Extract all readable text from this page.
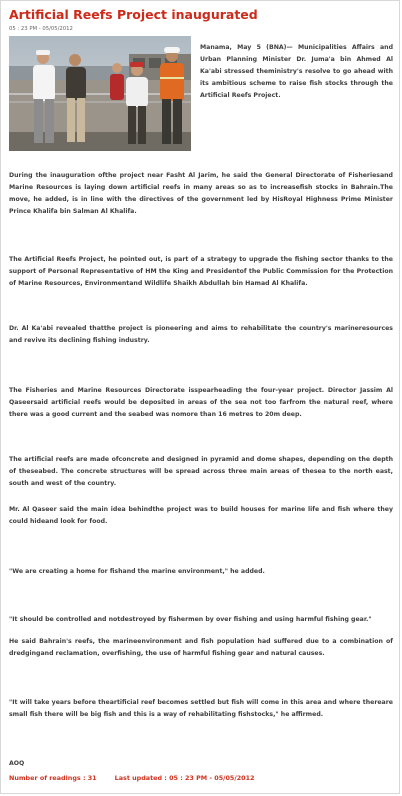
Artificial Reefs Project inaugurated
05 : 23 PM - 05/05/2012

Manama, May 5 (BNA)— Municipalities Affairs and Urban Planning Minister Dr. Juma'a bin Ahmed Al Ka'abi stressed theministry's resolve to go ahead with its ambitious scheme to raise fish stocks through the Artificial Reefs Project.

During the inauguration ofthe project near Fasht Al Jarim, he said the General Directorate of Fisheriesand Marine Resources is laying down artificial reefs in many areas so as to increasefish stocks in Bahrain.The move, he added, is in line with the directives of the government led by HisRoyal Highness Prime Minister Prince Khalifa bin Salman Al Khalifa.

The Artificial Reefs Project, he pointed out, is part of a strategy to upgrade the fishing sector thanks to the support of Personal Representative of HM the King and Presidentof the Public Commission for the Protection of Marine Resources, Environmentand Wildlife Shaikh Abdullah bin Hamad Al Khalifa.

Dr. Al Ka'abi revealed thatthe project is pioneering and aims to rehabilitate the country's marineresources and revive its declining fishing industry.

The Fisheries and Marine Resources Directorate isspearheading the four-year project. Director Jassim Al Qaseersaid artificial reefs would be deposited in areas of the sea not too farfrom the natural reef, where there was a good current and the seabed was nomore than 16 metres to 20m deep.

The artificial reefs are made ofconcrete and designed in pyramid and dome shapes, depending on the depth of theseabed. The concrete structures will be spread across three main areas of thesea to the north east, south and west of the country.

Mr. Al Qaseer said the main idea behindthe project was to build houses for marine life and fish where they could hideand look for food.

"We are creating a home for fishand the marine environment," he added.

"It should be controlled and notdestroyed by fishermen by over fishing and using harmful fishing gear."

He said Bahrain's reefs, the marineenvironment and fish population had suffered due to a combination of dredgingand reclamation, overfishing, the use of harmful fishing gear and natural causes.

"It will take years before theartificial reef becomes settled but fish will come in this area and where thereare small fish there will be big fish and this is a way of rehabilitating fishstocks," he affirmed.

AOQ

Number of readings : 31	Last updated : 05 : 23 PM - 05/05/2012
